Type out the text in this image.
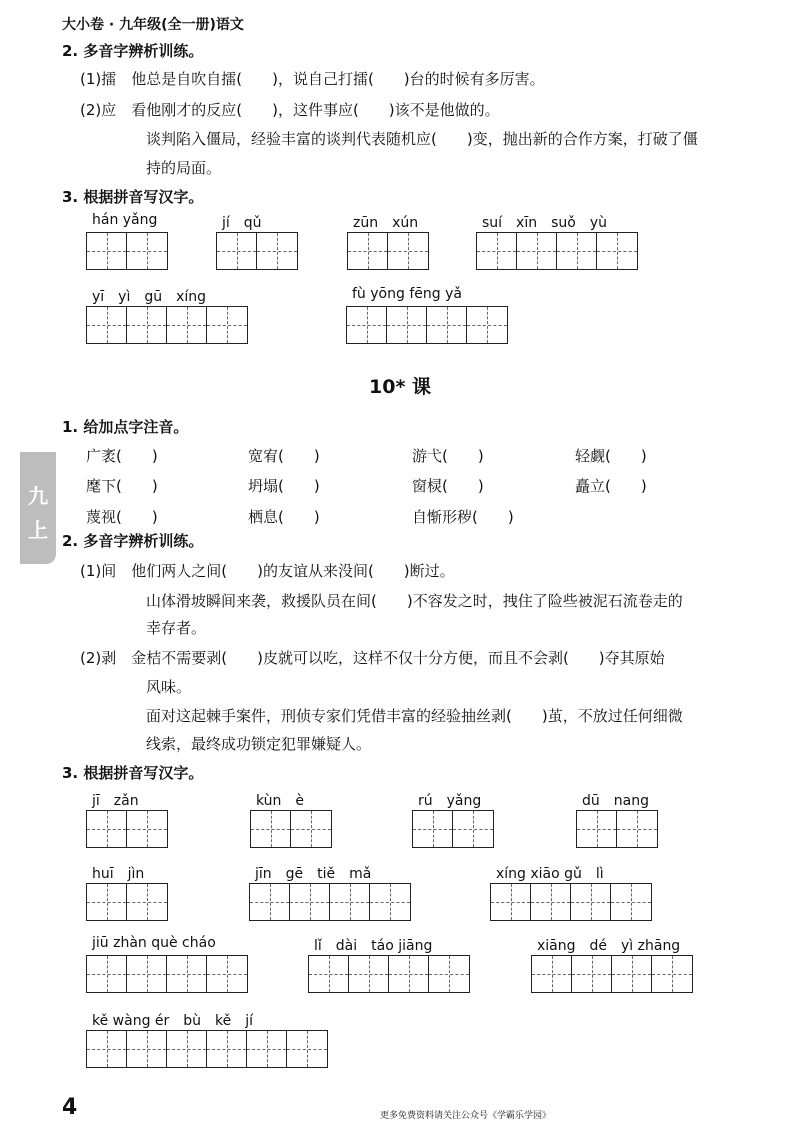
大小卷 · 九年级(全一册)语文
2. 多音字辨析训练。
(1)擂　他总是自吹自擂(　　)，说自己打擂(　　)台的时候有多厉害。
(2)应　看他刚才的反应(　　)，这件事应(　　)该不是他做的。
谈判陷入僵局，经验丰富的谈判代表随机应(　　)变，抛出新的合作方案，打破了僵
持的局面。
3. 根据拼音写汉字。
hán yǎng	jí　qǔ	zūn　xún	suí　xīn　suǒ　yù
yī　yì　gū　xíng	fù yōng fēng yǎ
10* 课
九
上
1. 给加点字注音。
广袤(　　)	宽宥(　　)	游弋(　　)	轻觑(　　)
麾下(　　)	坍塌(　　)	窗棂(　　)	矗立(　　)
蔑视(　　)	栖息(　　)	自惭形秽(　　)
2. 多音字辨析训练。
(1)间　他们两人之间(　　)的友谊从来没间(　　)断过。
山体滑坡瞬间来袭，救援队员在间(　　)不容发之时，拽住了险些被泥石流卷走的
幸存者。
(2)剥　金桔不需要剥(　　)皮就可以吃，这样不仅十分方便，而且不会剥(　　)夺其原始
风味。
面对这起棘手案件，刑侦专家们凭借丰富的经验抽丝剥(　　)茧，不放过任何细微
线索，最终成功锁定犯罪嫌疑人。
3. 根据拼音写汉字。
jī　zǎn	kùn　è	rú　yǎng	dū　nang
huī　jìn	jīn　gē　tiě　mǎ	xíng xiāo gǔ　lì
jiū zhàn què cháo	lǐ　dài　táo jiāng	xiāng　dé　yì zhāng
kě wàng ér　bù　kě　jí
4	更多免费资料请关注公众号《学霸乐学园》
